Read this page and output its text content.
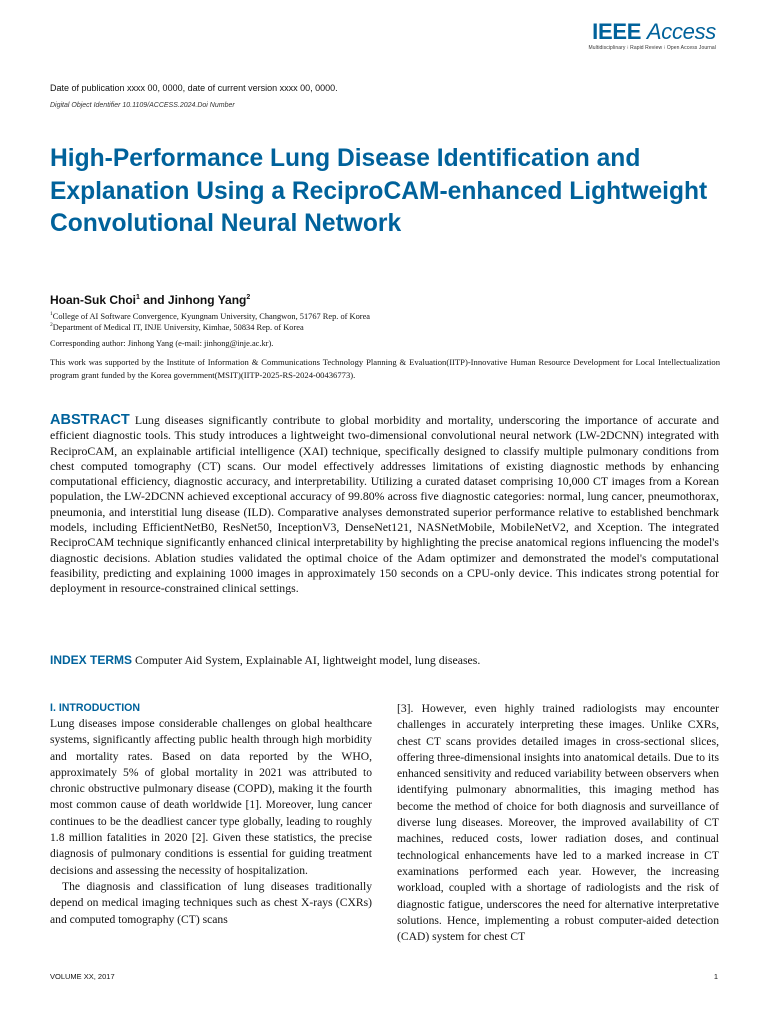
IEEE Access
Multidisciplinary ⁝ Rapid Review ⁝ Open Access Journal
Date of publication xxxx 00, 0000, date of current version xxxx 00, 0000.
Digital Object Identifier 10.1109/ACCESS.2024.Doi Number
High-Performance Lung Disease Identification and Explanation Using a ReciproCAM-enhanced Lightweight Convolutional Neural Network
Hoan-Suk Choi$^1$ and Jinhong Yang$^2$
$^1$College of AI Software Convergence, Kyungnam University, Changwon, 51767 Rep. of Korea
$^2$Department of Medical IT, INJE University, Kimhae, 50834 Rep. of Korea
Corresponding author: Jinhong Yang (e-mail: jinhong@inje.ac.kr).

This work was supported by the Institute of Information & Communications Technology Planning & Evaluation(IITP)-Innovative Human Resource Development for Local Intellectualization program grant funded by the Korea government(MSIT)(IITP-2025-RS-2024-00436773).

ABSTRACT Lung diseases significantly contribute to global morbidity and mortality, underscoring the importance of accurate and efficient diagnostic tools. This study introduces a lightweight two-dimensional convolutional neural network (LW-2DCNN) integrated with ReciproCAM, an explainable artificial intelligence (XAI) technique, specifically designed to classify multiple pulmonary conditions from chest computed tomography (CT) scans. Our model effectively addresses limitations of existing diagnostic methods by enhancing computational efficiency, diagnostic accuracy, and interpretability. Utilizing a curated dataset comprising 10,000 CT images from a Korean population, the LW-2DCNN achieved exceptional accuracy of 99.80% across five diagnostic categories: normal, lung cancer, pneumothorax, pneumonia, and interstitial lung disease (ILD). Comparative analyses demonstrated superior performance relative to established benchmark models, including EfficientNetB0, ResNet50, InceptionV3, DenseNet121, NASNetMobile, MobileNetV2, and Xception. The integrated ReciproCAM technique significantly enhanced clinical interpretability by highlighting the precise anatomical regions influencing the model's diagnostic decisions. Ablation studies validated the optimal choice of the Adam optimizer and demonstrated the model's computational feasibility, predicting and explaining 1000 images in approximately 150 seconds on a CPU-only device. This indicates strong potential for deployment in resource-constrained clinical settings.

INDEX TERMS Computer Aid System, Explainable AI, lightweight model, lung diseases.
I. INTRODUCTION

Lung diseases impose considerable challenges on global healthcare systems, significantly affecting public health through high morbidity and mortality rates. Based on data reported by the WHO, approximately 5% of global mortality in 2021 was attributed to chronic obstructive pulmonary disease (COPD), making it the fourth most common cause of death worldwide [1]. Moreover, lung cancer continues to be the deadliest cancer type globally, leading to roughly 1.8 million fatalities in 2020 [2]. Given these statistics, the precise diagnosis of pulmonary conditions is essential for guiding treatment decisions and assessing the necessity of hospitalization.

The diagnosis and classification of lung diseases traditionally depend on medical imaging techniques such as chest X-rays (CXRs) and computed tomography (CT) scans

[3]. However, even highly trained radiologists may encounter challenges in accurately interpreting these images. Unlike CXRs, chest CT scans provides detailed images in cross-sectional slices, offering three-dimensional insights into anatomical details. Due to its enhanced sensitivity and reduced variability between observers when identifying pulmonary abnormalities, this imaging method has become the method of choice for both diagnosis and surveillance of diverse lung diseases. Moreover, the improved availability of CT machines, reduced costs, lower radiation doses, and continual technological enhancements have led to a marked increase in CT examinations performed each year. However, the increasing workload, coupled with a shortage of radiologists and the risk of diagnostic fatigue, underscores the need for alternative interpretative solutions. Hence, implementing a robust computer-aided detection (CAD) system for chest CT

VOLUME XX, 2017	1
